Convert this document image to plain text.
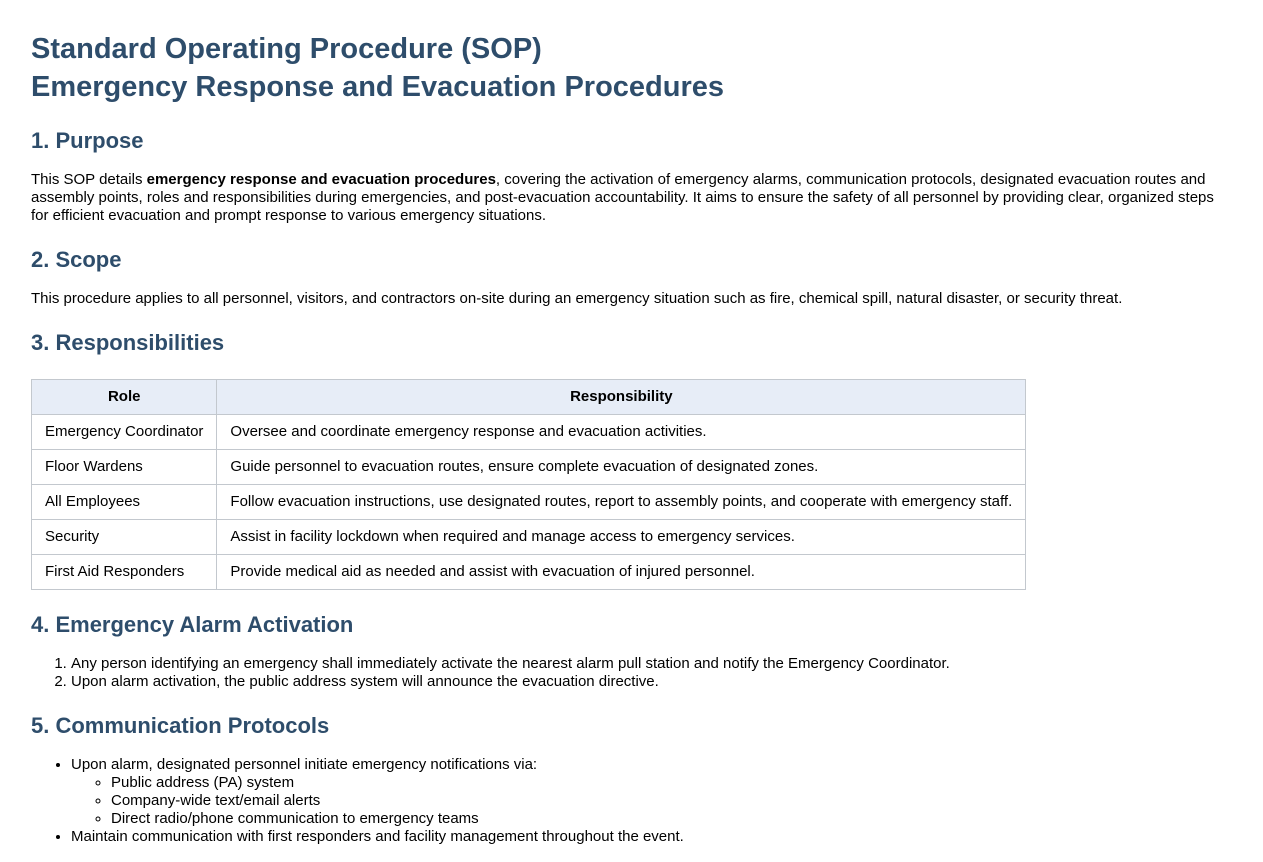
Standard Operating Procedure (SOP)
Emergency Response and Evacuation Procedures
1. Purpose

This SOP details emergency response and evacuation procedures, covering the activation of emergency alarms, communication protocols, designated evacuation routes and assembly points, roles and responsibilities during emergencies, and post-evacuation accountability. It aims to ensure the safety of all personnel by providing clear, organized steps for efficient evacuation and prompt response to various emergency situations.

2. Scope

This procedure applies to all personnel, visitors, and contractors on-site during an emergency situation such as fire, chemical spill, natural disaster, or security threat.

3. Responsibilities
Role	Responsibility
Emergency Coordinator	Oversee and coordinate emergency response and evacuation activities.
Floor Wardens	Guide personnel to evacuation routes, ensure complete evacuation of designated zones.
All Employees	Follow evacuation instructions, use designated routes, report to assembly points, and cooperate with emergency staff.
Security	Assist in facility lockdown when required and manage access to emergency services.
First Aid Responders	Provide medical aid as needed and assist with evacuation of injured personnel.
4. Emergency Alarm Activation
1. Any person identifying an emergency shall immediately activate the nearest alarm pull station and notify the Emergency Coordinator.
2. Upon alarm activation, the public address system will announce the evacuation directive.
5. Communication Protocols
• Upon alarm, designated personnel initiate emergency notifications via:
◦ Public address (PA) system
◦ Company-wide text/email alerts
◦ Direct radio/phone communication to emergency teams
• Maintain communication with first responders and facility management throughout the event.
